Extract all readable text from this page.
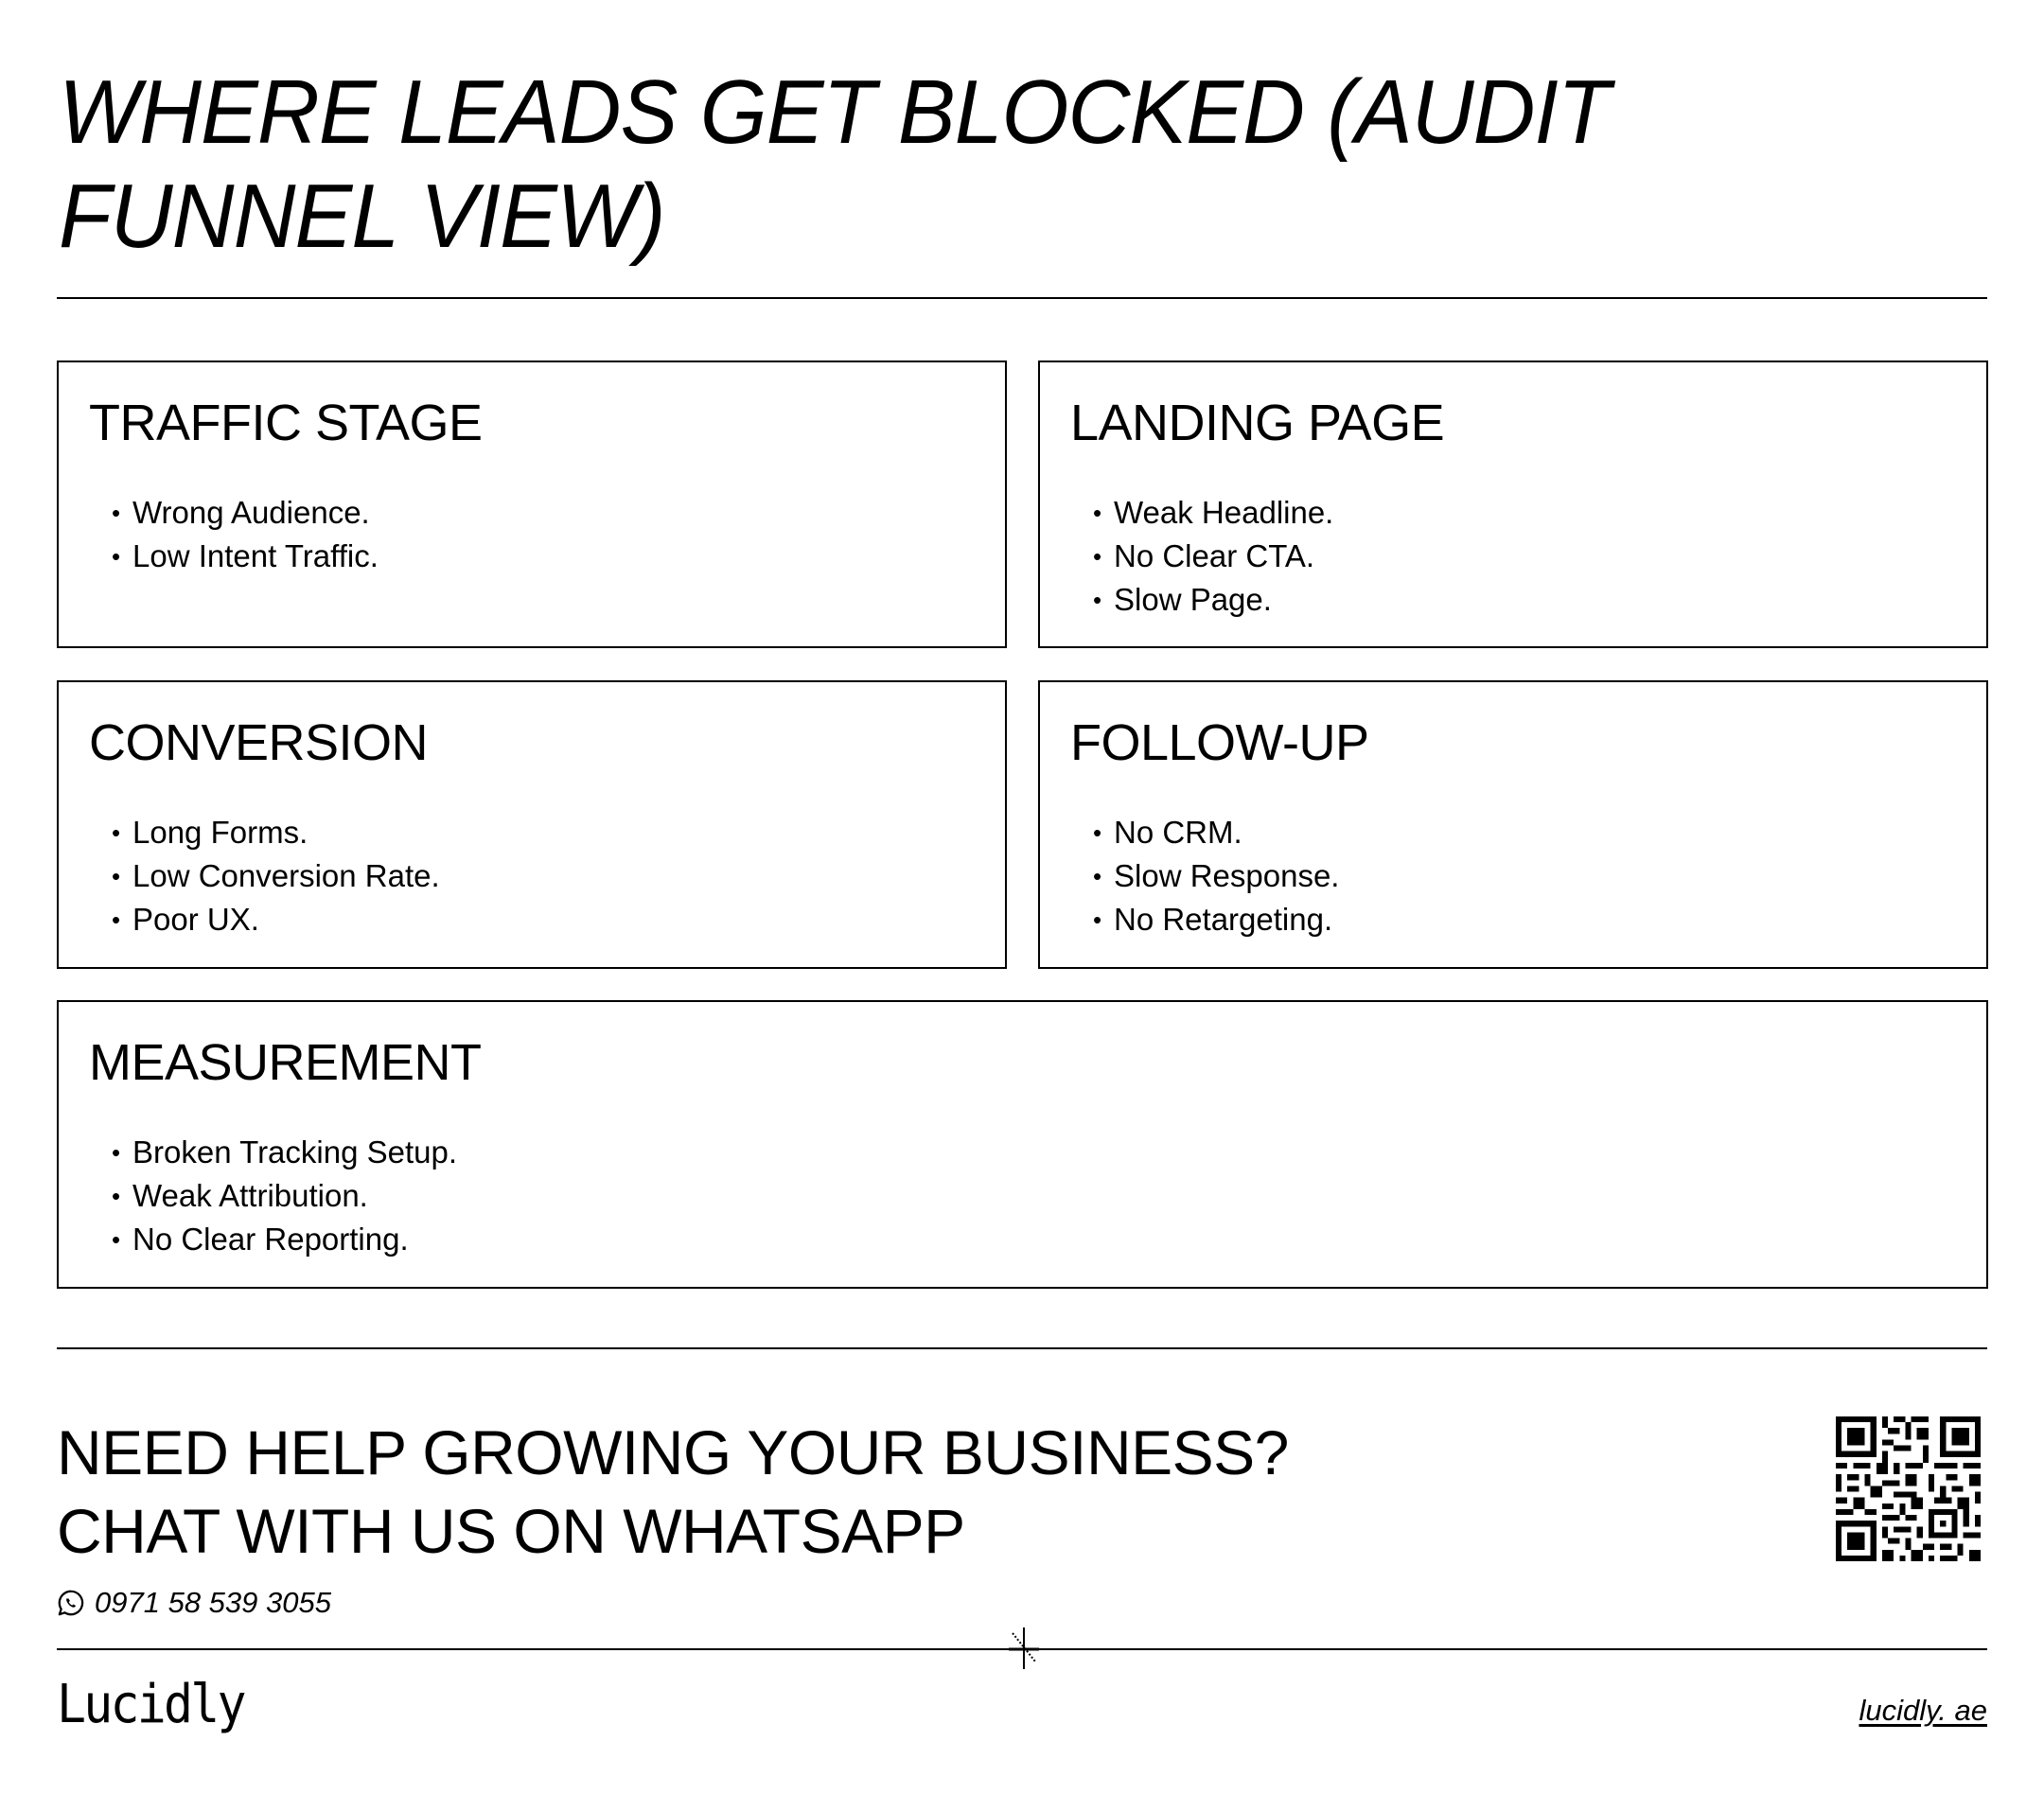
WHERE LEADS GET BLOCKED (AUDIT FUNNEL VIEW)
TRAFFIC STAGE
• Wrong Audience.
• Low Intent Traffic.
LANDING PAGE
• Weak Headline.
• No Clear CTA.
• Slow Page.
CONVERSION
• Long Forms.
• Low Conversion Rate.
• Poor UX.
FOLLOW-UP
• No CRM.
• Slow Response.
• No Retargeting.
MEASUREMENT
• Broken Tracking Setup.
• Weak Attribution.
• No Clear Reporting.
NEED HELP GROWING YOUR BUSINESS?
CHAT WITH US ON WHATSAPP
0971 58 539 3055
Lucidly	lucidly. ae
